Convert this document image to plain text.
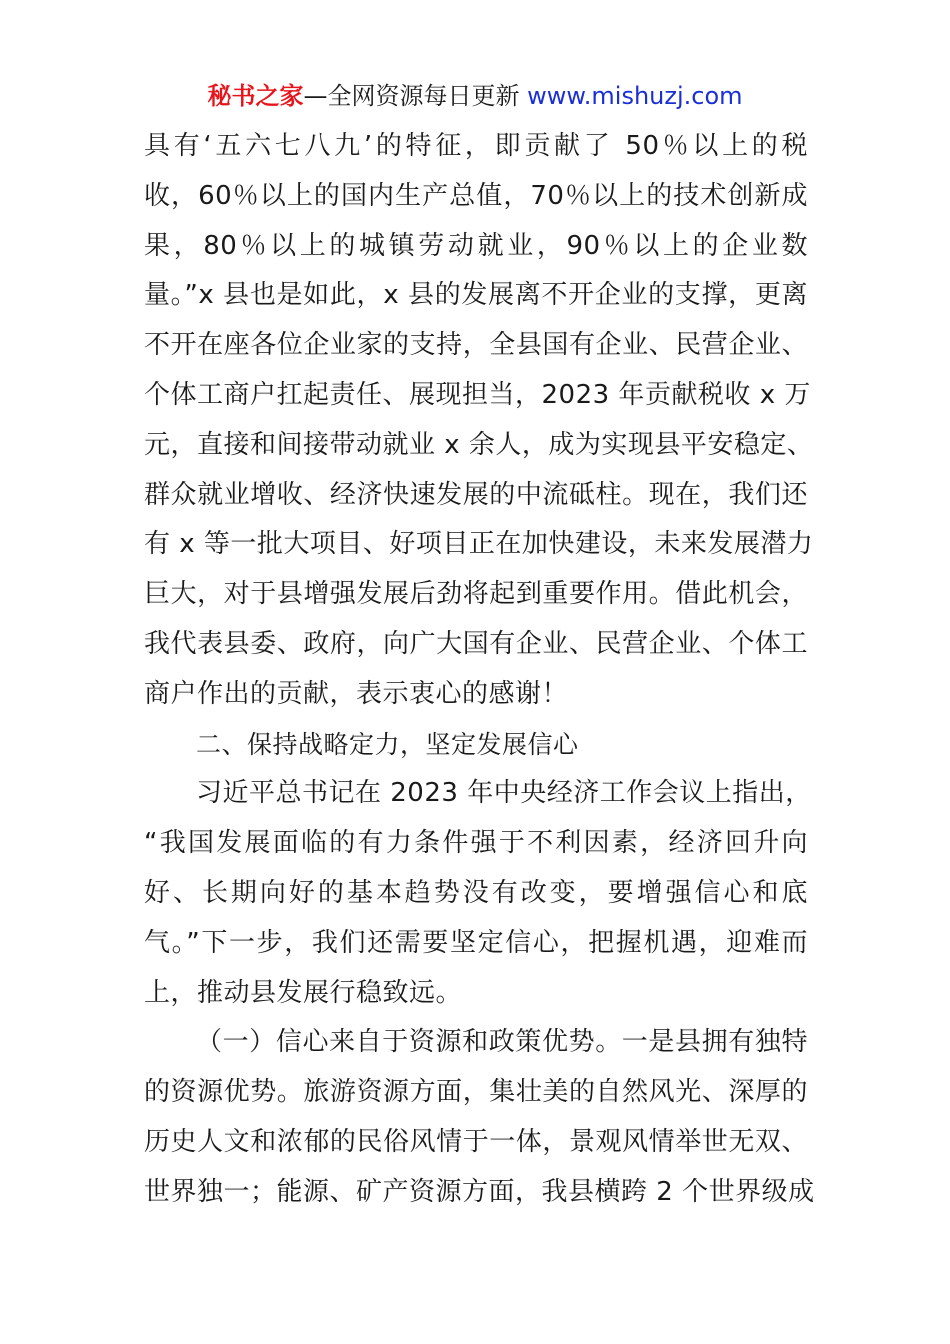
秘书之家—全网资源每日更新 www.mishuzj.com
具有‘五六七八九’的特征，即贡献了 50％以上的税
收，60％以上的国内生产总值，70％以上的技术创新成
果，80％以上的城镇劳动就业，90％以上的企业数
量。”x 县也是如此，x 县的发展离不开企业的支撑，更离
不开在座各位企业家的支持，全县国有企业、民营企业、
个体工商户扛起责任、展现担当，2023 年贡献税收 x 万
元，直接和间接带动就业 x 余人，成为实现县平安稳定、
群众就业增收、经济快速发展的中流砥柱。现在，我们还
有 x 等一批大项目、好项目正在加快建设，未来发展潜力
巨大，对于县增强发展后劲将起到重要作用。借此机会，
我代表县委、政府，向广大国有企业、民营企业、个体工
商户作出的贡献，表示衷心的感谢！
二、保持战略定力，坚定发展信心
习近平总书记在 2023 年中央经济工作会议上指出，
“我国发展面临的有力条件强于不利因素，经济回升向
好、长期向好的基本趋势没有改变，要增强信心和底
气。”下一步，我们还需要坚定信心，把握机遇，迎难而
上，推动县发展行稳致远。
（一）信心来自于资源和政策优势。一是县拥有独特
的资源优势。旅游资源方面，集壮美的自然风光、深厚的
历史人文和浓郁的民俗风情于一体，景观风情举世无双、
世界独一；能源、矿产资源方面，我县横跨 2 个世界级成
